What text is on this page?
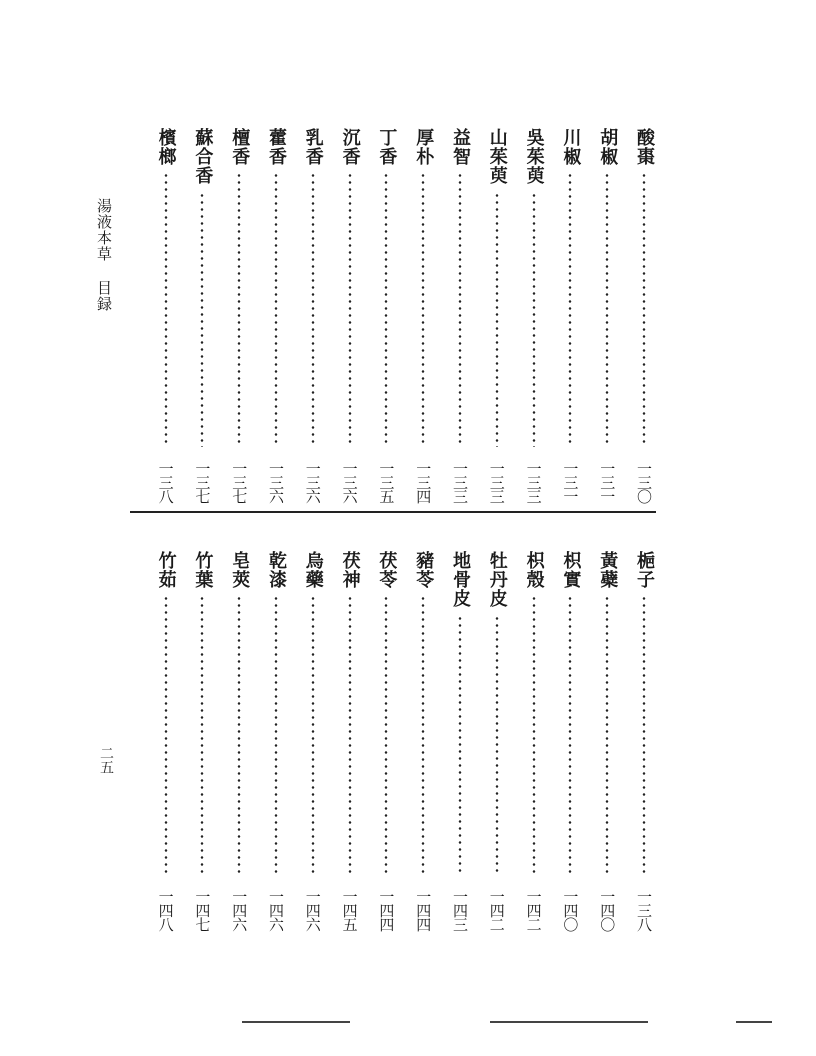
湯液本草目録
二五
酸棗
一三〇
胡椒
一三一
川椒
一三一
吳茱萸
一三三
山茱萸
一三三
益智
一三三
厚朴
一三四
丁香
一三五
沉香
一三六
乳香
一三六
藿香
一三六
檀香
一三七
蘇合香
一三七
檳榔
一三八
梔子
一三八
黃蘗
一四〇
枳實
一四〇
枳殼
一四二
牡丹皮
一四二
地骨皮
一四三
豬苓
一四四
茯苓
一四四
茯神
一四五
烏藥
一四六
乾漆
一四六
皂莢
一四六
竹葉
一四七
竹茹
一四八
